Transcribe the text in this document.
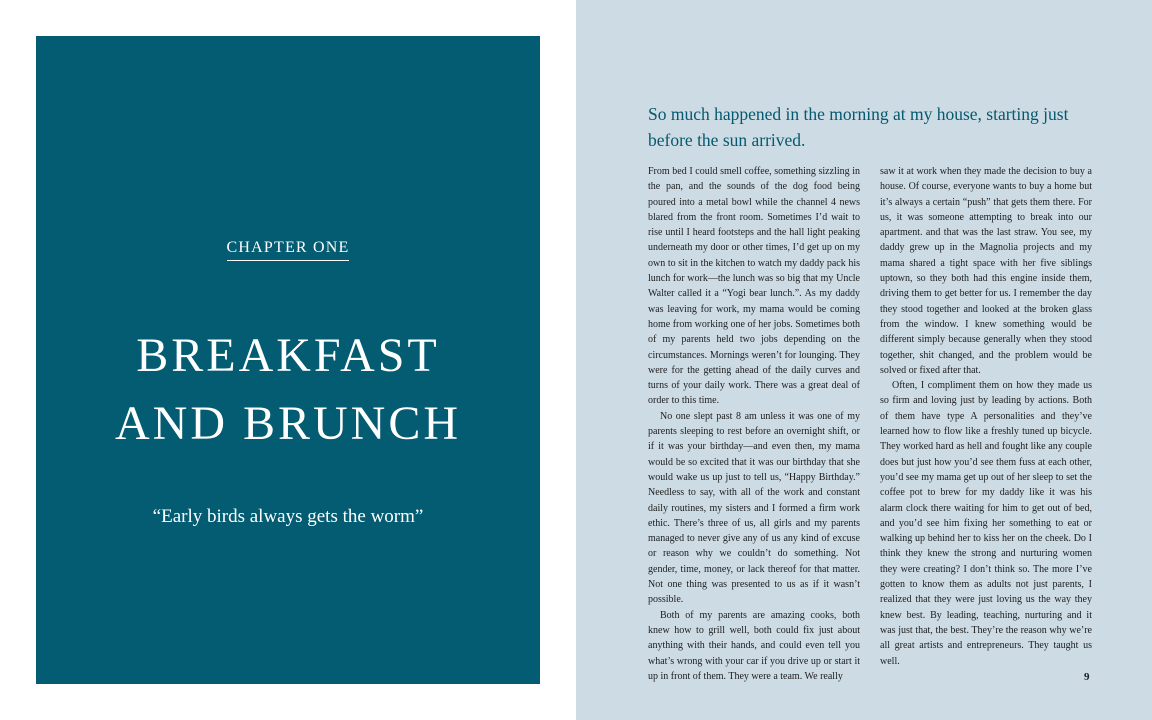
CHAPTER ONE
BREAKFAST
AND BRUNCH
“Early birds always gets the worm”
So much happened in the morning at my house, starting just before the sun arrived.

From bed I could smell coffee, something sizzling in the pan, and the sounds of the dog food being poured into a metal bowl while the channel 4 news blared from the front room. Sometimes I’d wait to rise until I heard footsteps and the hall light peaking underneath my door or other times, I’d get up on my own to sit in the kitchen to watch my daddy pack his lunch for work—the lunch was so big that my Uncle Walter called it a “Yogi bear lunch.”. As my daddy was leaving for work, my mama would be coming home from working one of her jobs. Sometimes both of my parents held two jobs depending on the circumstances. Mornings weren’t for lounging. They were for the getting ahead of the daily curves and turns of your daily work. There was a great deal of order to this time.

No one slept past 8 am unless it was one of my parents sleeping to rest before an overnight shift, or if it was your birthday—and even then, my mama would be so excited that it was our birthday that she would wake us up just to tell us, “Happy Birthday.” Needless to say, with all of the work and constant daily routines, my sisters and I formed a firm work ethic. There’s three of us, all girls and my parents managed to never give any of us any kind of excuse or reason why we couldn’t do something. Not gender, time, money, or lack thereof for that matter. Not one thing was presented to us as if it wasn’t possible.

Both of my parents are amazing cooks, both knew how to grill well, both could fix just about anything with their hands, and could even tell you what’s wrong with your car if you drive up or start it up in front of them. They were a team. We really

saw it at work when they made the decision to buy a house. Of course, everyone wants to buy a home but it’s always a certain “push” that gets them there. For us, it was someone attempting to break into our apartment. and that was the last straw. You see, my daddy grew up in the Magnolia projects and my mama shared a tight space with her five siblings uptown, so they both had this engine inside them, driving them to get better for us. I remember the day they stood together and looked at the broken glass from the window. I knew something would be different simply because generally when they stood together, shit changed, and the problem would be solved or fixed after that.

Often, I compliment them on how they made us so firm and loving just by leading by actions. Both of them have type A personalities and they’ve learned how to flow like a freshly tuned up bicycle. They worked hard as hell and fought like any couple does but just how you’d see them fuss at each other, you’d see my mama get up out of her sleep to set the coffee pot to brew for my daddy like it was his alarm clock there waiting for him to get out of bed, and you’d see him fixing her something to eat or walking up behind her to kiss her on the cheek. Do I think they knew the strong and nurturing women they were creating? I don’t think so. The more I’ve gotten to know them as adults not just parents, I realized that they were just loving us the way they knew best. By leading, teaching, nurturing and it was just that, the best. They’re the reason why we’re all great artists and entrepreneurs. They taught us well.

9
